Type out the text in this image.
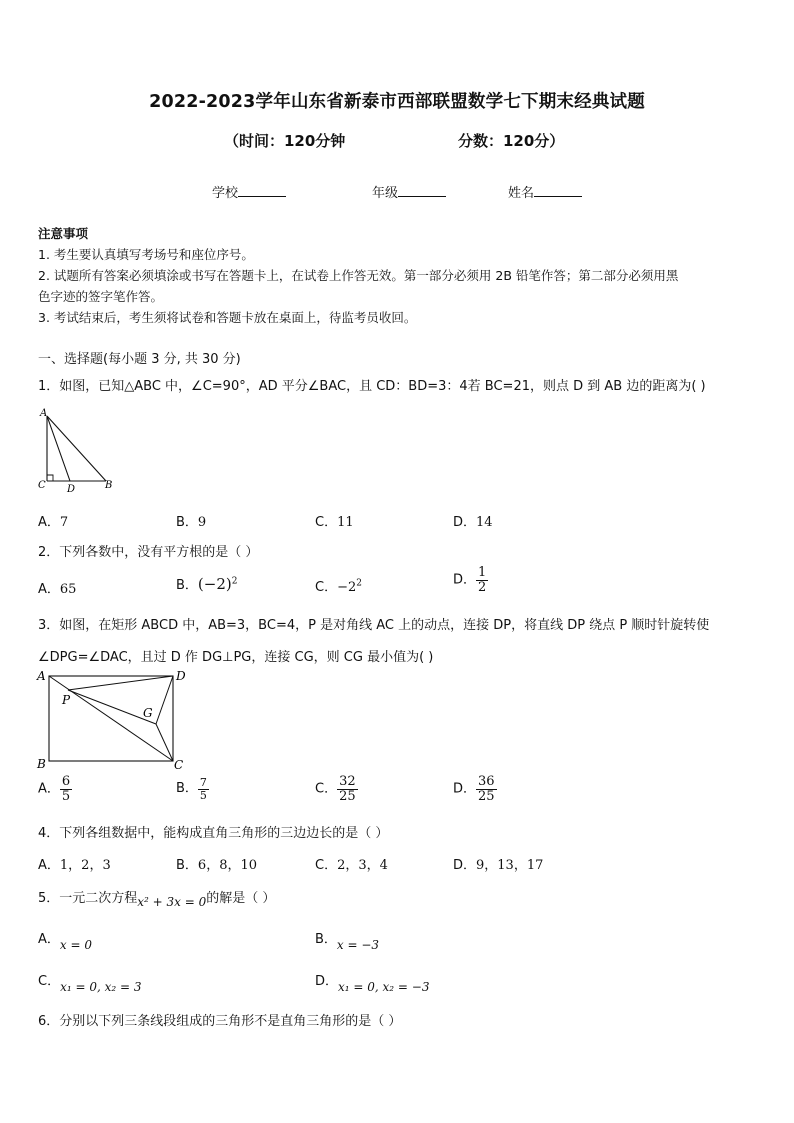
2022-2023学年山东省新泰市西部联盟数学七下期末经典试题
（时间：120分钟	分数：120分）
学校	年级	姓名
注意事项
1. 考生要认真填写考场号和座位序号。
2. 试题所有答案必须填涂或书写在答题卡上，在试卷上作答无效。第一部分必须用 2B 铅笔作答；第二部分必须用黑
色字迹的签字笔作答。
3. 考试结束后，考生须将试卷和答题卡放在桌面上，待监考员收回。
一、选择题(每小题 3 分, 共 30 分)
1．如图，已知△ABC 中，∠C=90°，AD 平分∠BAC，且 CD：BD=3：4若 BC=21，则点 D 到 AB 边的距离为( )
A
C D	B
A．7	B．9	C．11	D．14
2．下列各数中，没有平方根的是（ ）
A．65	B．$(-2)^2$	C．$-2^2$	D． $\frac{1}{2}$
3．如图，在矩形 ABCD 中，AB=3，BC=4，P 是对角线 AC 上的动点，连接 DP，将直线 DP 绕点 P 顺时针旋转使
∠DPG=∠DAC，且过 D 作 DG⊥PG，连接 CG，则 CG 最小值为( )
A	D
P
G
B	C
A． $\frac{6}{5}$	B． $\frac{7}{5}$	C． $\frac{32}{25}$	D． $\frac{36}{25}$
4．下列各组数据中，能构成直角三角形的三边边长的是（ ）
A．1，2，3	B．6，8，10	C．2，3，4	D．9，13，17
5．一元二次方程x² + 3x = 0的解是（ ）
A．x = 0	B．x = −3
C．x₁ = 0, x₂ = 3	D．x₁ = 0, x₂ = −3
6．分别以下列三条线段组成的三角形不是直角三角形的是（ ）
